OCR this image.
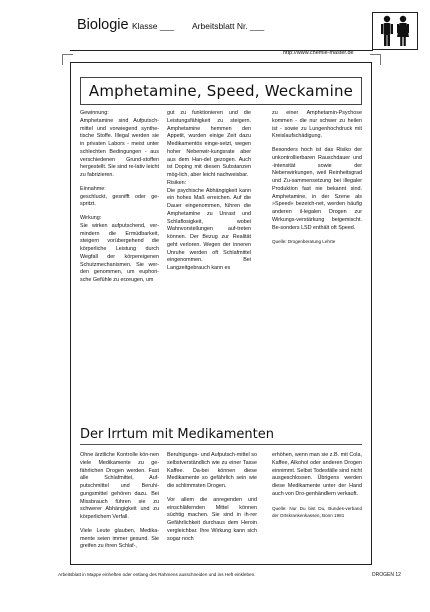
Biologie Klasse ___ Arbeitsblatt Nr. ___
http://www.chemie-master.de
Amphetamine, Speed, Weckamine
Gewinnung:

Amphetamine sind Aufputsch-mittel und vorwiegend synthe-tische Stoffe. Illegal werden sie in privaten Labors - meist unter schlechten Bedingungen - aus verschiedenen Grund-stoffen hergestellt. Sie sind re-lativ leicht zu fabrizieren.

Einnahme:

geschluckt, gesnifft oder ge-spritzt.

Wirkung:

Sie wirken aufputschend, ver-mindern die Ermüdbarkeit, steigern vorübergehend die körperliche Leistung durch Wegfall der körpereigenen Schutzmechanismen. Sie wer-den genommen, um euphori-sche Gefühle zu erzeugen, um

gut zu funktionieren und die Leistungsfähigkeit zu steigern. Amphetamine hemmen den Appetit, wurden einige Zeit dazu Medikamentös einge-setzt, wegen hoher Nebenwir-kungsrate aber aus dem Han-del gezogen. Auch ist Doping mit diesen Substanzen mög-lich, aber leicht nachweisbar.

Risiken:

Die psychische Abhängigkeit kann ein hohes Maß erreichen. Auf die Dauer eingenommen, führen die Amphetamine zu Unrast und Schlaflosigkeit, wobei Wahnvorstellungen auf-treten können. Der Bezug zur Realität geht verloren. Wegen der inneren Unruhe werden oft Schlafmittel eingenommen. Bei Langzeitgebrauch kann es

zu einer Amphetamin-Psychose kommen - die nur schwer zu heilen ist - sowie zu Lungenhochdruck mit Kreislaufschädigung.

Besonders hoch ist das Risiko der unkontrollierbaren Rauschdauer und -intensität sowie der Nebenwirkungen, weil Reinheitsgrad und Zu-sammensetzung bei illegaler Produktion fast nie bekannt sind. Amphetamine, in der Szene als »Speed« bezeich-net, werden häufig anderen il-legalen Drogen zur Wirkungs-verstärkung beigemischt. Be-sonders LSD enthält oft Speed.

Quelle: Drogenberatung Lehrte
Der Irrtum mit Medikamenten

Ohne ärztliche Kontrolle kön-nen viele Medikamente zu ge-fährlichen Drogen werden. Fast alle Schlafmittel, Auf-putschmittel und Beruhi-gungsmittel gehören dazu. Bei Missbrauch führen sie zu schwerer Abhängigkeit und zu körperlichem Verfall.

Viele Leute glauben, Medika-mente seien immer gesund. Sie greifen zu ihren Schlaf-,

Beruhigungs- und Aufputsch-mittel so selbstverständlich wie zu einer Tasse Kaffee. Da-bei können diese Medikamente so gefährlich sein wie die schlimmsten Drogen.

Vor allem die anregenden und einschläfernden Mittel können süchtig machen. Sie sind in ih-rer Gefährlichkeit durchaus dem Heroin vergleichbar. Ihre Wirkung kann sich sogar noch

erhöhen, wenn man sie z.B. mit Cola, Kaffee, Alkohol oder anderen Drogen einnimmt. Selbst Todesfälle sind nicht ausgeschlossen. Übrigens werden diese Medikamente unter der Hand auch von Dro-genhändlern verkauft.

Quelle: Nur Du bist Du, Bundes-verband der Ortskrankenkassen, Bonn 1981
Arbeitsblatt in Mappe einheften oder entlang des Rahmens ausschneiden und ins Heft einkleben.	DROGEN 12
